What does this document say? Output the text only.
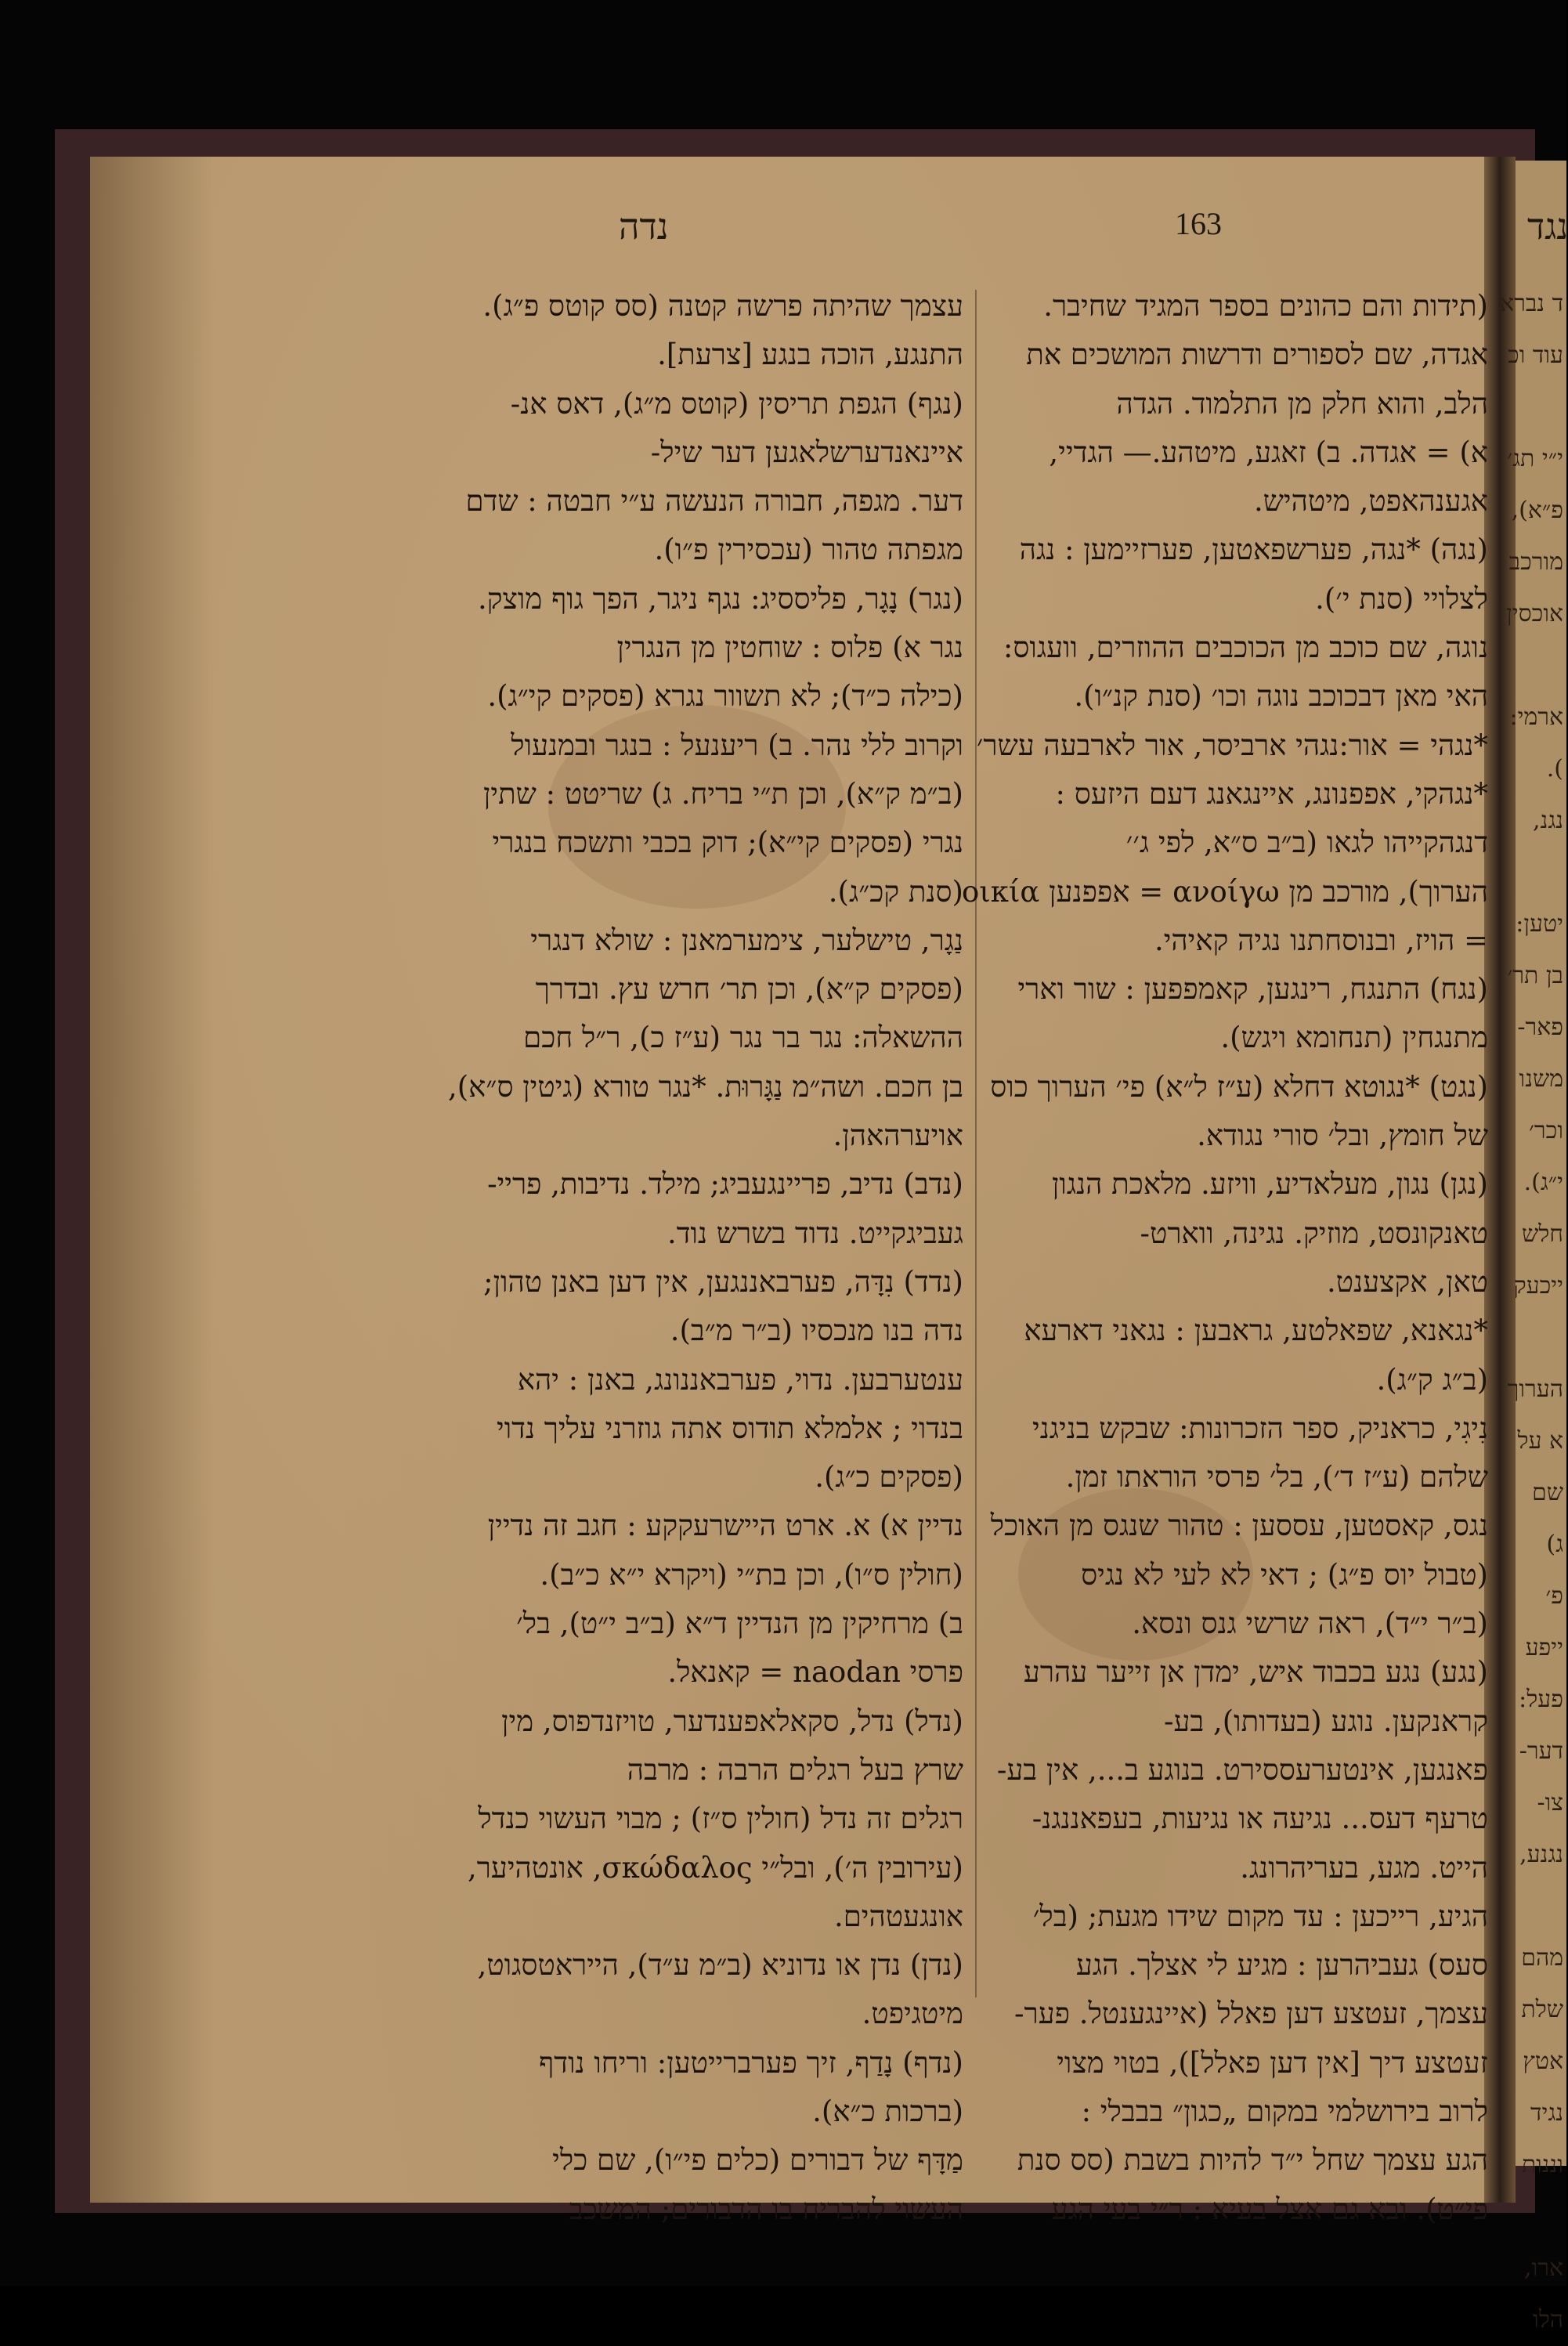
ד נברא
עוד וכ
י״י תג׳
פ״א),
מורכב
אוכסין
ארמי:
).
נגנ,
יטען:
בן תר׳
פאר-
משנו
וכר׳
י״ג).
חלש
ייכעק
הערוך
א על
שם
ג)
פ׳
ייפע
פעל:
דער-
צו-
נגנע,
מהם
שלת
אטץ
נגיד
וננות
ארו,
הלו
נדה	163	נגד
עצמך שהיתה פרשה קטנה (סס קוטס פ״ג).
התנגע, הוכה בנגע [צרעת].
(נגף) הגפת תריסין (קוטס מ״ג), דאס אנ-
איינאנדערשלאגען דער שיל-
דער. מגפה, חבורה הנעשה ע״י חבטה : שדם
מגפתה טהור (עכסירין פ״ו).
(נגר) נָגָר, פליססיג: נגף ניגר, הפך גוף מוצק.
נגר א) פלוס : שוחטין מן הנגרין
(כילה כ״ד); לא תשוור נגרא (פסקים קי״ג).
וקרוב ללי נהר. ב) ריענעל : בנגר ובמנעול
(ב״מ ק״א), וכן ת״י בריח. ג) שריטט : שתין
נגרי (פסקים קי״א); דוק בכבי ותשכח בנגרי
(סנת קכ״ג).
נַגָר, טישלער, צימערמאנן : שולא דנגרי
(פסקים ק״א), וכן תר׳ חרש עץ. ובדרך
ההשאלה: נגר בר נגר (ע״ז כ), ר״ל חכם
בן חכם. ושה״מ נַגָּרוּת. *נגר טורא (גיטין ס״א),
אויערהאהן.
(נדב) נדיב, פריינגעביג; מילד. נדיבות, פריי-
געביגקייט. נדוד בשרש נוד.
(נדד) נִדָּה, פערבאננגען, אין דען באנן טהון;
נדה בנו מנכסיו (ב״ר מ״ב).
ענטערבען. נדוי, פערבאננונג, באנן : יהא
בנדוי ; אלמלא תודוס אתה גוזרני עליך נדוי
(פסקים כ״ג).
נדיין א) א. ארט היישרעקקע : חגב זה נדיין
(חולין ס״ו), וכן בת״י (ויקרא י״א כ״ב).
ב) מרחיקין מן הנדיין ד״א (ב״ב י״ט), בל׳
פרסי naodan = קאנאל.
(נדל) נדל, סקאלאפענדער, טויזנדפוס, מין
שרץ בעל רגלים הרבה : מרבה
רגלים זה נדל (חולין ס״ז) ; מבוי העשוי כנדל
(עירובין ה׳), ובל״י σκώδαλος, אונטהיער,
אונגעטהים.
(נדן) נדן או נדוניא (ב״מ ע״ד), הייראטסגוט,
מיטגיפט.
(נדף) נָדַף, זיך פערברייטען: וריחו נודף
(ברכות כ״א).
מַדָּף של דבורים (כלים פי״ו), שם כלי
העשוי להבריח בו הדבורים; המשכב
(תידות והם כהונים בספר המגיד שחיבר.
אגדה, שם לספורים ודרשות המושכים את
הלב, והוא חלק מן התלמוד. הגדה
א) = אגדה. ב) זאגע, מיטהע.— הגדיי,
אגענהאפט, מיטהיש.
(נגה) *נגה, פערשפאטען, פערזיימען : נגה
לצלויי (סנת י׳).
נוגה, שם כוכב מן הכוכבים ההוזרים, וועגוס:
האי מאן דבכוכב נוגה וכו׳ (סנת קנ״ו).
*נגהי = אור:נגהי ארביסר, אור לארבעה עשר׳
*נגהקי, אפפנונג, איינגאנג דעם היזעס :
דנגהקייהו לגאו (ב״ב ס״א, לפי ג׳׳
הערוך), מורכב מן ανοίγω = אפפנען οικία
= הויז, ובנוסחתנו נגיה קאיהי.
(נגח) התנגח, רינגען, קאמפפען : שור וארי
מתנגחין (תנחומא ויגש).
(נגט) *נגוטא דחלא (ע״ז ל״א) פי׳ הערוך כוס
של חומץ, ובל׳ סורי נגודא.
(נגן) נגון, מעלאדיע, וויזע. מלאכת הנגון
טאנקונסט, מוזיק. נגינה, ווארט-
טאן, אקצענט.
*נגאנא, שפאלטע, גראבען : נגאני דארעא
(ב״ג ק״ג).
נִיגִי, כראניק, ספר הזכרונות: שבקש בניגני
שלהם (ע״ז ד׳), בל׳ פרסי הוראתו זמן.
נגס, קאסטען, עססען : טהור שנגס מן האוכל
(טבול יוס פ״ג) ; דאי לא לעי לא נגיס
(ב״ר י״ד), ראה שרשי גנס ונסא.
(נגע) נגע בכבוד איש, ימדן אן זייער עהרע
קראנקען. נוגע (בעדותו), בע-
פאנגען, אינטערעססירט. בנוגע ב..., אין בע-
טרעף דעס... נגיעה או נגיעות, בעפאננגנ-
הייט. מגע, בעריהרונג.
הגיע, רייכען : עד מקום שידו מגעת; (בל׳
סעס) געביהרען : מגיע לי אצלך. הגע
עצמך, זעטצע דען פאלל (איינגענטל. פער-
זעטצע דיך [אין דען פאלל]), בטוי מצוי
לרוב בירושלמי במקום „כגון״ בבבלי :
הגע עצמך שחל י״ד להיות בשבת (סס סנת
פי״ט). ובא גם אצל בעיא : ר״י בעי הגע
